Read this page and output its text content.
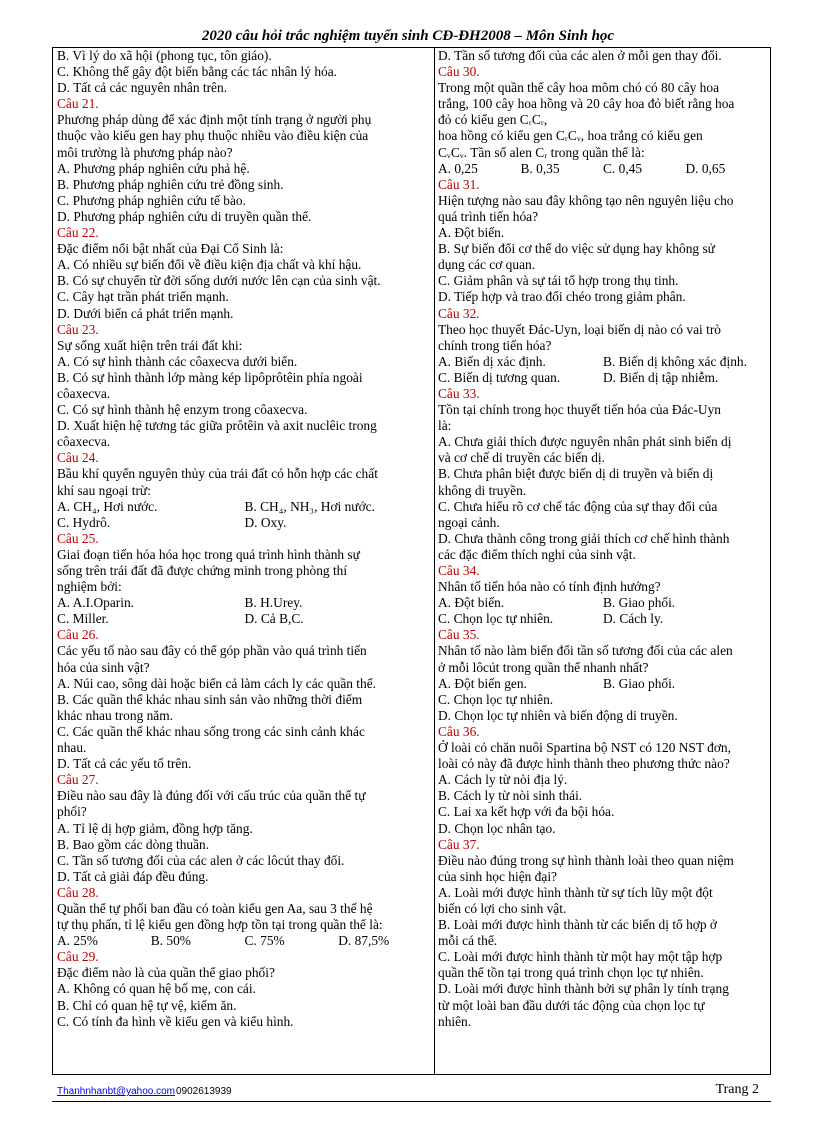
2020 câu hỏi trắc nghiệm tuyển sinh CĐ-ĐH2008 – Môn Sinh học
B. Vì lý do xã hội (phong tục, tôn giáo).
C. Không thể gây đột biến bằng các tác nhân lý hóa.
D. Tất cả các nguyên nhân trên.
Câu 21.
Phương pháp dùng để xác định một tính trạng ở người phụ
thuộc vào kiểu gen hay phụ thuộc nhiều vào điều kiện của
môi trường là phương pháp nào?
A. Phương pháp nghiên cứu phả hệ.
B. Phương pháp nghiên cứu trẻ đồng sinh.
C. Phương pháp nghiên cứu tế bào.
D. Phương pháp nghiên cứu di truyền quần thể.
Câu 22.
Đặc điểm nổi bật nhất của Đại Cổ Sinh là:
A. Có nhiều sự biến đổi về điều kiện địa chất và khí hậu.
B. Có sự chuyển từ đời sống dưới nước lên cạn của sinh vật.
C. Cây hạt trần phát triển mạnh.
D. Dưới biển cá phát triển mạnh.
Câu 23.
Sự sống xuất hiện trên trái đất khi:
A. Có sự hình thành các côaxecva dưới biển.
B. Có sự hình thành lớp màng kép lipôprôtêin phía ngoài
côaxecva.
C. Có sự hình thành hệ enzym trong côaxecva.
D. Xuất hiện hệ tương tác giữa prôtêin và axit nuclêic trong
côaxecva.
Câu 24.
Bầu khí quyển nguyên thủy của trái đất có hỗn hợp các chất
khí sau ngoại trừ:
A. CH₄, Hơi nước.	B. CH₄, NH₃, Hơi nước.
C. Hydrô.	D. Oxy.
Câu 25.
Giai đoạn tiến hóa hóa học trong quá trình hình thành sự
sống trên trái đất đã được chứng minh trong phòng thí
nghiệm bởi:
A. A.I.Oparin.	B. H.Urey.
C. Miller.	D. Cả B,C.
Câu 26.
Các yếu tố nào sau đây có thể góp phần vào quá trình tiến
hóa của sinh vật?
A. Núi cao, sông dài hoặc biển cả làm cách ly các quần thể.
B. Các quần thể khác nhau sinh sản vào những thời điểm
khác nhau trong năm.
C. Các quần thể khác nhau sống trong các sinh cảnh khác
nhau.
D. Tất cả các yếu tố trên.
Câu 27.
Điều nào sau đây là đúng đối với cấu trúc của quần thể tự
phối?
A. Tỉ lệ dị hợp giảm, đồng hợp tăng.
B. Bao gồm các dòng thuần.
C. Tần số tương đối của các alen ở các lôcút thay đổi.
D. Tất cả giải đáp đều đúng.
Câu 28.
Quần thể tự phối ban đầu có toàn kiểu gen Aa, sau 3 thế hệ
tự thụ phấn, tỉ lệ kiểu gen đồng hợp tồn tại trong quần thể là:
A. 25%	B. 50%	C. 75%	D. 87,5%
Câu 29.
Đặc điểm nào là của quần thể giao phối?
A. Không có quan hệ bố mẹ, con cái.
B. Chỉ có quan hệ tự vệ, kiếm ăn.
C. Có tính đa hình về kiểu gen và kiểu hình.
D. Tần số tương đối của các alen ở mỗi gen thay đổi.
Câu 30.
Trong một quần thể cây hoa mõm chó có 80 cây hoa
trắng, 100 cây hoa hồng và 20 cây hoa đỏ biết rằng hoa
đỏ có kiểu gen CᵣCᵣ,
hoa hồng có kiểu gen CᵣCᵥ, hoa trắng có kiểu gen
CᵥCᵥ. Tần số alen Cᵣ trong quần thể là:
A. 0,25	B. 0,35	C. 0,45	D. 0,65
Câu 31.
Hiện tượng nào sau đây không tạo nên nguyên liệu cho
quá trình tiến hóa?
A. Đột biến.
B. Sự biến đổi cơ thể do việc sử dụng hay không sử
dụng các cơ quan.
C. Giảm phân và sự tái tổ hợp trong thụ tinh.
D. Tiếp hợp và trao đổi chéo trong giảm phân.
Câu 32.
Theo học thuyết Đác-Uyn, loại biến dị nào có vai trò
chính trong tiến hóa?
A. Biến dị xác định.	B. Biến dị không xác định.
C. Biến dị tương quan.	D. Biến dị tập nhiễm.
Câu 33.
Tồn tại chính trong học thuyết tiến hóa của Đác-Uyn
là:
A. Chưa giải thích được nguyên nhân phát sinh biến dị
và cơ chế di truyền các biến dị.
B. Chưa phân biệt được biến dị di truyền và biến dị
không di truyền.
C. Chưa hiểu rõ cơ chế tác động của sự thay đổi của
ngoại cảnh.
D. Chưa thành công trong giải thích cơ chế hình thành
các đặc điểm thích nghi của sinh vật.
Câu 34.
Nhân tố tiến hóa nào có tính định hướng?
A. Đột biến.	B. Giao phối.
C. Chọn lọc tự nhiên.	D. Cách ly.
Câu 35.
Nhân tố nào làm biến đổi tần số tương đối của các alen
ở mỗi lôcút trong quần thể nhanh nhất?
A. Đột biến gen.	B. Giao phối.
C. Chọn lọc tự nhiên.
D. Chọn lọc tự nhiên và biến động di truyền.
Câu 36.
Ở loài cỏ chăn nuôi Spartina bộ NST có 120 NST đơn,
loài cỏ này đã được hình thành theo phương thức nào?
A. Cách ly từ nòi địa lý.
B. Cách ly từ nòi sinh thái.
C. Lai xa kết hợp với đa bội hóa.
D. Chọn lọc nhân tạo.
Câu 37.
Điều nào đúng trong sự hình thành loài theo quan niệm
của sinh học hiện đại?
A. Loài mới được hình thành từ sự tích lũy một đột
biến có lợi cho sinh vật.
B. Loài mới được hình thành từ các biến dị tổ hợp ở
mỗi cá thể.
C. Loài mới được hình thành từ một hay một tập hợp
quần thể tồn tại trong quá trình chọn lọc tự nhiên.
D. Loài mới được hình thành bởi sự phân ly tính trạng
từ một loài ban đầu dưới tác động của chọn lọc tự
nhiên.
Thanhnhanbt@yahoo.com 0902613939	Trang 2
